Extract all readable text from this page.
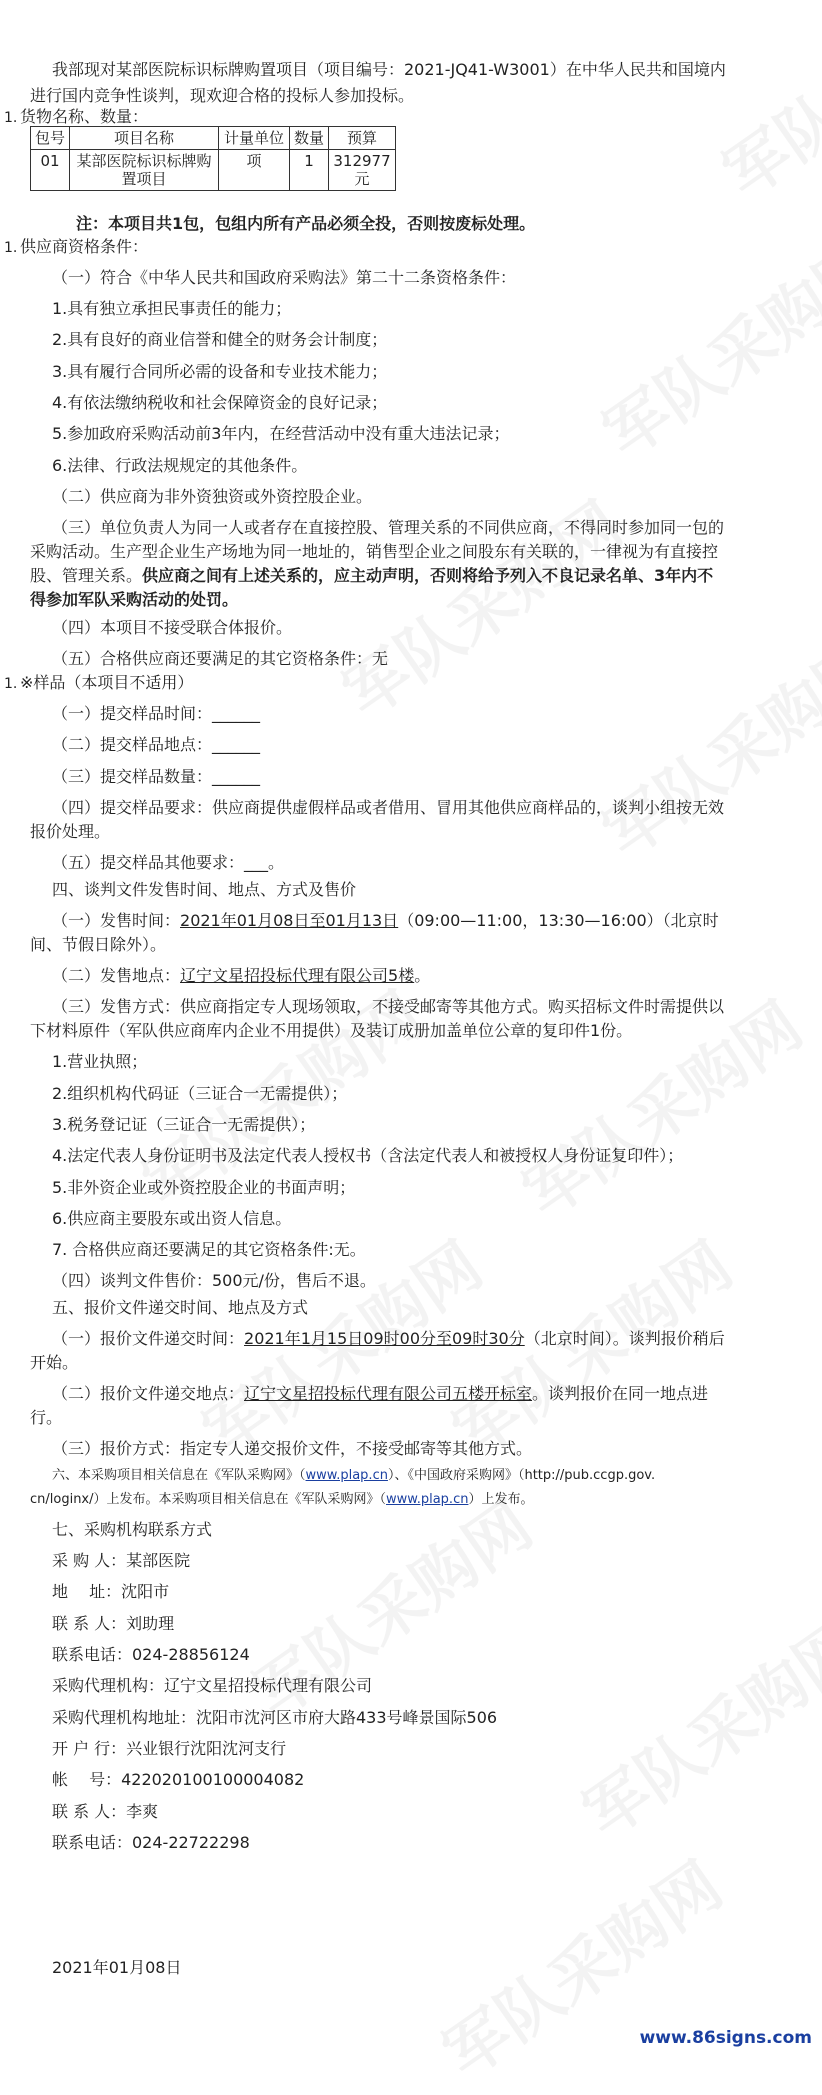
我部现对某部医院标识标牌购置项目（项目编号：2021-JQ41-W3001）在中华人民共和国境内
进行国内竞争性谈判，现欢迎合格的投标人参加投标。
1. 货物名称、数量：
包号	项目名称	计量单位	数量	预算
01	某部医院标识标牌购置项目	项	1	312977元
注：本项目共1包，包组内所有产品必须全投，否则按废标处理。
1. 供应商资格条件：
（一）符合《中华人民共和国政府采购法》第二十二条资格条件：
1.具有独立承担民事责任的能力；
2.具有良好的商业信誉和健全的财务会计制度；
3.具有履行合同所必需的设备和专业技术能力；
4.有依法缴纳税收和社会保障资金的良好记录；
5.参加政府采购活动前3年内，在经营活动中没有重大违法记录；
6.法律、行政法规规定的其他条件。
（二）供应商为非外资独资或外资控股企业。
（三）单位负责人为同一人或者存在直接控股、管理关系的不同供应商，不得同时参加同一包的
采购活动。生产型企业生产场地为同一地址的，销售型企业之间股东有关联的，一律视为有直接控
股、管理关系。供应商之间有上述关系的，应主动声明，否则将给予列入不良记录名单、3年内不
得参加军队采购活动的处罚。
（四）本项目不接受联合体报价。
（五）合格供应商还要满足的其它资格条件：无
1. ※样品（本项目不适用）
（一）提交样品时间：______
（二）提交样品地点：______
（三）提交样品数量：______
（四）提交样品要求：供应商提供虚假样品或者借用、冒用其他供应商样品的，谈判小组按无效
报价处理。
（五）提交样品其他要求：___。
四、谈判文件发售时间、地点、方式及售价
（一）发售时间：2021年01月08日至01月13日（09:00—11:00，13:30—16:00）（北京时
间、节假日除外）。
（二）发售地点：辽宁文星招投标代理有限公司5楼。
（三）发售方式：供应商指定专人现场领取，不接受邮寄等其他方式。购买招标文件时需提供以
下材料原件（军队供应商库内企业不用提供）及装订成册加盖单位公章的复印件1份。
1.营业执照；
2.组织机构代码证（三证合一无需提供）；
3.税务登记证（三证合一无需提供）；
4.法定代表人身份证明书及法定代表人授权书（含法定代表人和被授权人身份证复印件）；
5.非外资企业或外资控股企业的书面声明；
6.供应商主要股东或出资人信息。
7. 合格供应商还要满足的其它资格条件:无。
（四）谈判文件售价：500元/份，售后不退。
五、报价文件递交时间、地点及方式
（一）报价文件递交时间：2021年1月15日09时00分至09时30分（北京时间）。谈判报价稍后
开始。
（二）报价文件递交地点：辽宁文星招投标代理有限公司五楼开标室。谈判报价在同一地点进
行。
（三）报价方式：指定专人递交报价文件，不接受邮寄等其他方式。
六、本采购项目相关信息在《军队采购网》（www.plap.cn）、《中国政府采购网》（http://pub.ccgp.gov.
cn/loginx/）上发布。本采购项目相关信息在《军队采购网》（www.plap.cn）上发布。
七、采购机构联系方式
采 购 人：某部医院
地　 址：沈阳市
联 系 人：刘助理
联系电话：024-28856124
采购代理机构：辽宁文星招投标代理有限公司
采购代理机构地址：沈阳市沈河区市府大路433号峰景国际506
开 户 行：兴业银行沈阳沈河支行
帐　 号：422020100100004082
联 系 人：李爽
联系电话：024-22722298
2021年01月08日
www.86signs.com
